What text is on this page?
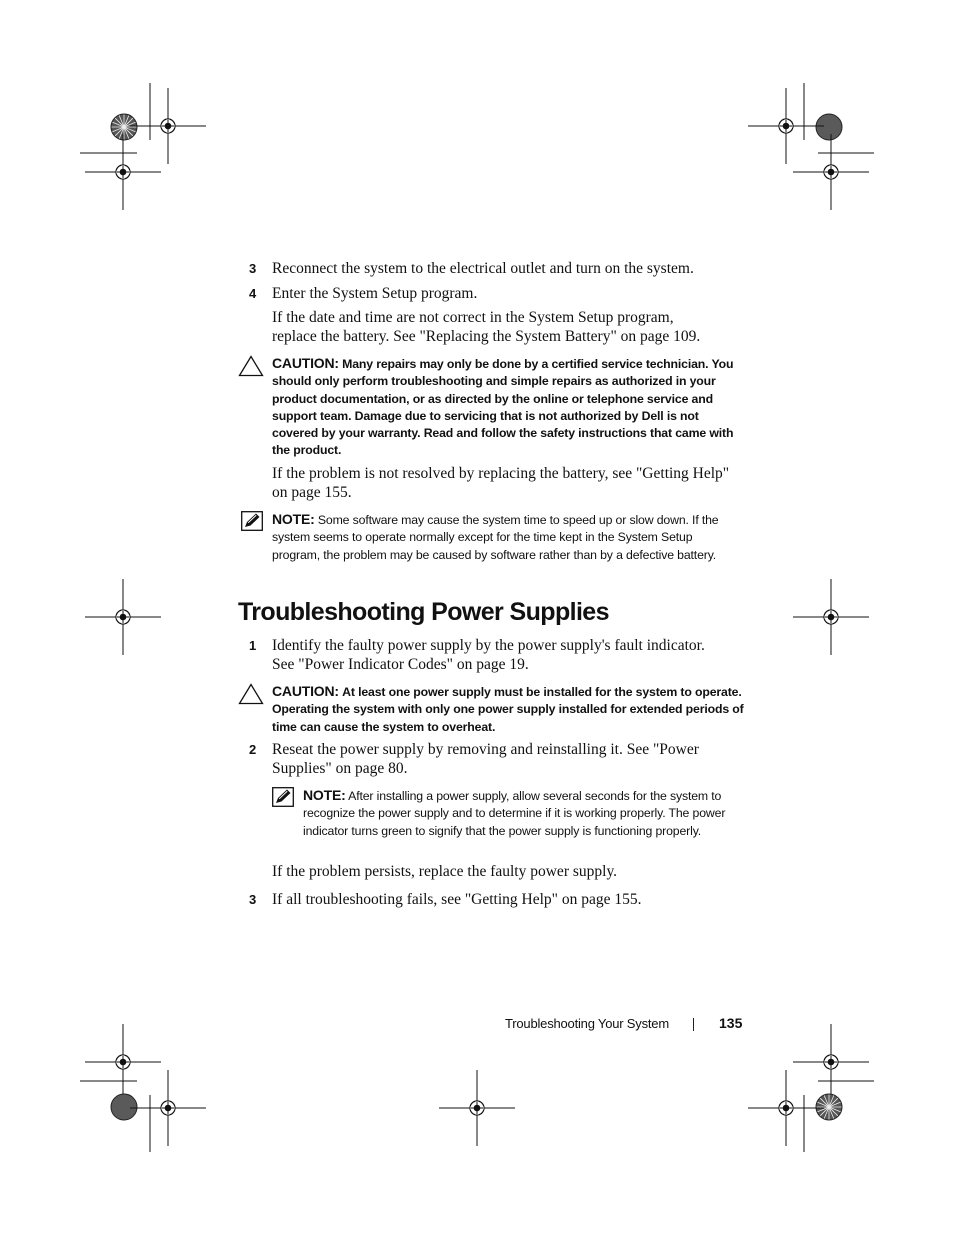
3 Reconnect the system to the electrical outlet and turn on the system.
4 Enter the System Setup program.
If the date and time are not correct in the System Setup program, replace the battery. See "Replacing the System Battery" on page 109.
CAUTION: Many repairs may only be done by a certified service technician. You should only perform troubleshooting and simple repairs as authorized in your product documentation, or as directed by the online or telephone service and support team. Damage due to servicing that is not authorized by Dell is not covered by your warranty. Read and follow the safety instructions that came with the product.
If the problem is not resolved by replacing the battery, see "Getting Help" on page 155.
NOTE: Some software may cause the system time to speed up or slow down. If the system seems to operate normally except for the time kept in the System Setup program, the problem may be caused by software rather than by a defective battery.
Troubleshooting Power Supplies
1 Identify the faulty power supply by the power supply's fault indicator. See "Power Indicator Codes" on page 19.
CAUTION: At least one power supply must be installed for the system to operate. Operating the system with only one power supply installed for extended periods of time can cause the system to overheat.
2 Reseat the power supply by removing and reinstalling it. See "Power Supplies" on page 80.
NOTE: After installing a power supply, allow several seconds for the system to recognize the power supply and to determine if it is working properly. The power indicator turns green to signify that the power supply is functioning properly.
If the problem persists, replace the faulty power supply.
3 If all troubleshooting fails, see "Getting Help" on page 155.
Troubleshooting Your System	135
